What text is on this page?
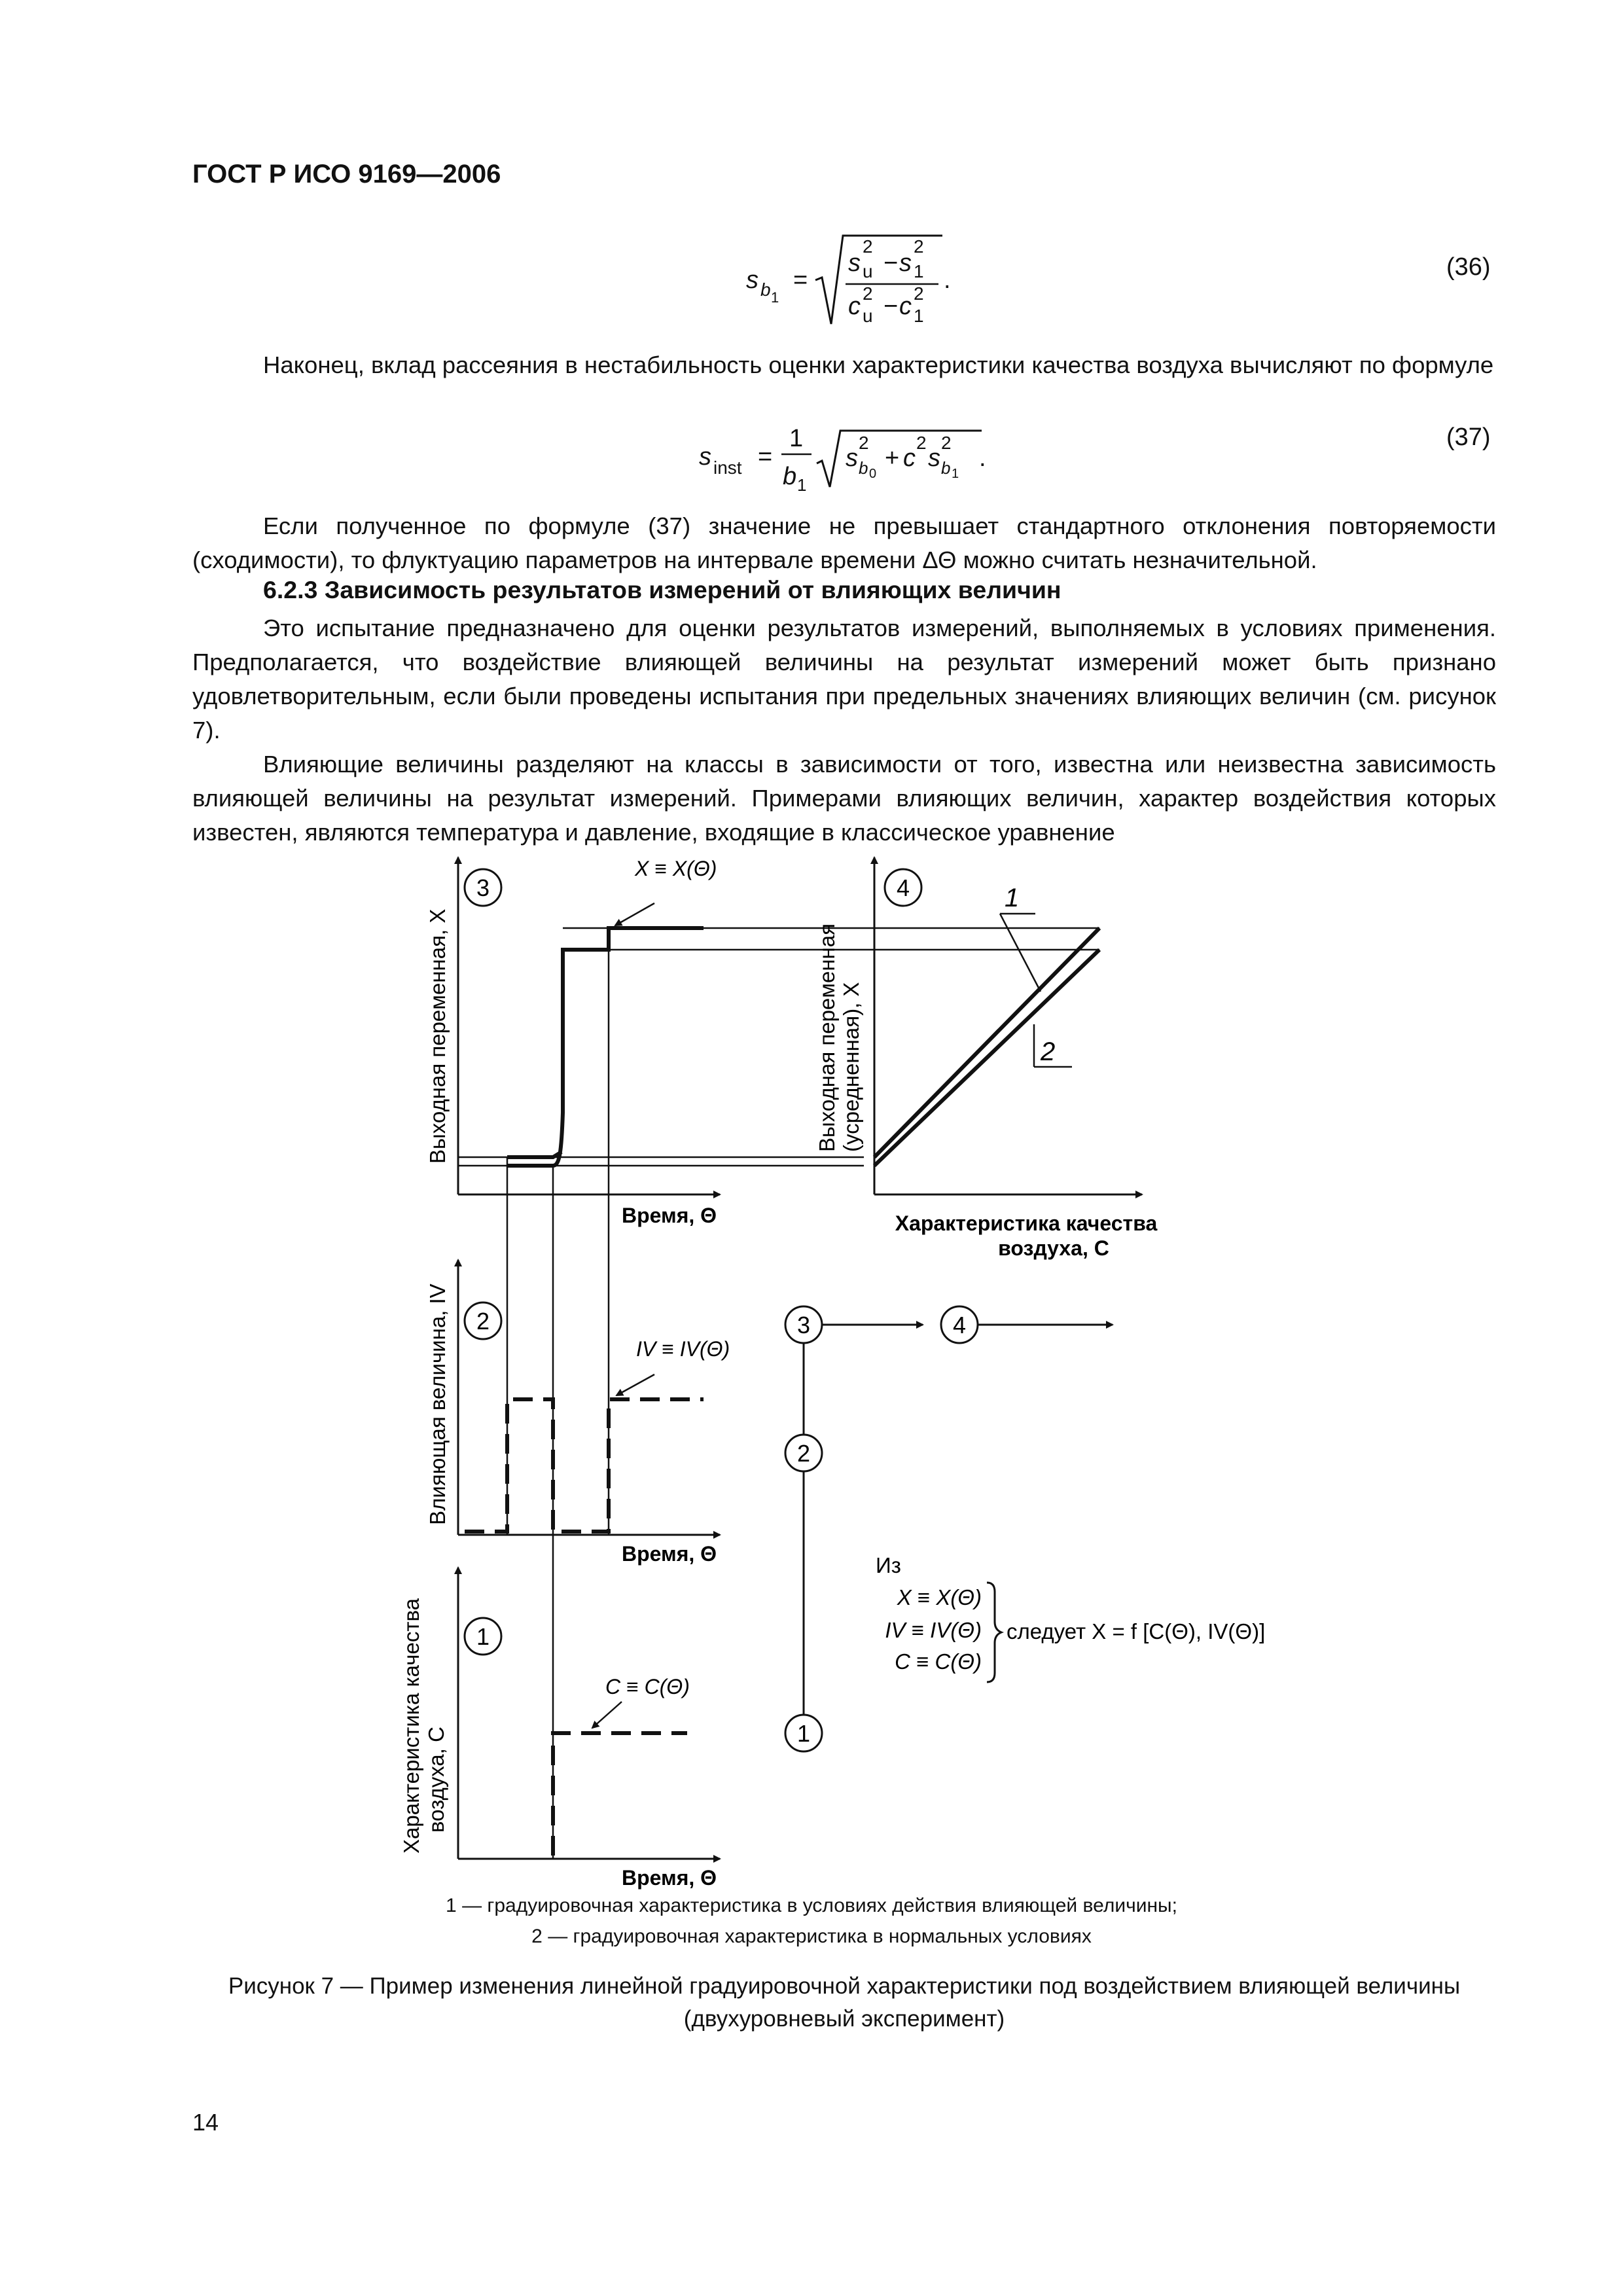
ГОСТ Р ИСО 9169—2006
s b 1
=
s
2
u − s
2
1
c 2
u − c 2
1
.	(36)

Наконец, вклад рассеяния в нестабильность оценки характеристики качества воздуха вычисляют по формуле

s inst =
1
b 1
s
2
b 0
+ c
2
s
2
b 1
.
(37)

Если полученное по формуле (37) значение не превышает стандартного отклонения повторяемости (сходимости), то флуктуацию параметров на интервале времени ΔΘ можно считать незначительной.

6.2.3 Зависимость результатов измерений от влияющих величин

Это испытание предназначено для оценки результатов измерений, выполняемых в условиях применения. Предполагается, что воздействие влияющей величины на результат измерений может быть признано удовлетворительным, если были проведены испытания при предельных значениях влияющих величин (см. рисунок 7).

Влияющие величины разделяют на классы в зависимости от того, известна или неизвестна зависимость влияющей величины на результат измерений. Примерами влияющих величин, характер воздействия которых известен, являются температура и давление, входящие в классическое уравнение

3
X ≡ X(Θ)
Выходная переменная, X
Время, Θ
4	1
2
Выходная переменная (усредненная), X
Характеристика качества
воздуха, C
2
IV ≡ IV(Θ)
Влияющая величина, IV
Время, Θ
1
C ≡ C(Θ)
Характеристика качества воздуха, C
Время, Θ
3	4
2
1
Из
X ≡ X(Θ)
IV ≡ IV(Θ)
C ≡ C(Θ)
следует X = f [C(Θ), IV(Θ)]
1 — градуировочная характеристика в условиях действия влияющей величины;
2 — градуировочная характеристика в нормальных условиях
Рисунок 7 — Пример изменения линейной градуировочной характеристики под воздействием влияющей величины
(двухуровневый эксперимент)
14
